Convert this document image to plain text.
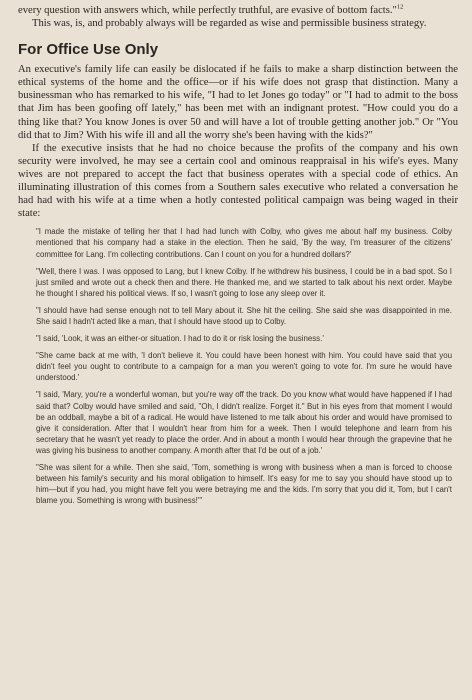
every question with answers which, while perfectly truthful, are evasive of bottom facts."$^{12}$

This was, is, and probably always will be regarded as wise and permissible business strategy.

For Office Use Only

An executive's family life can easily be dislocated if he fails to make a sharp distinction between the ethical systems of the home and the office—or if his wife does not grasp that distinction. Many a businessman who has remarked to his wife, "I had to let Jones go today" or "I had to admit to the boss that Jim has been goofing off lately," has been met with an indignant protest. "How could you do a thing like that? You know Jones is over 50 and will have a lot of trouble getting another job." Or "You did that to Jim? With his wife ill and all the worry she's been having with the kids?"

If the executive insists that he had no choice because the profits of the company and his own security were involved, he may see a certain cool and ominous reappraisal in his wife's eyes. Many wives are not prepared to accept the fact that business operates with a special code of ethics. An illuminating illustration of this comes from a Southern sales executive who related a conversation he had had with his wife at a time when a hotly contested political campaign was being waged in their state:

"I made the mistake of telling her that I had had lunch with Colby, who gives me about half my business. Colby mentioned that his company had a stake in the election. Then he said, 'By the way, I'm treasurer of the citizens' committee for Lang. I'm collecting contributions. Can I count on you for a hundred dollars?'

"Well, there I was. I was opposed to Lang, but I knew Colby. If he withdrew his business, I could be in a bad spot. So I just smiled and wrote out a check then and there. He thanked me, and we started to talk about his next order. Maybe he thought I shared his political views. If so, I wasn't going to lose any sleep over it.

"I should have had sense enough not to tell Mary about it. She hit the ceiling. She said she was disappointed in me. She said I hadn't acted like a man, that I should have stood up to Colby.

"I said, 'Look, it was an either-or situation. I had to do it or risk losing the business.'

"She came back at me with, 'I don't believe it. You could have been honest with him. You could have said that you didn't feel you ought to contribute to a campaign for a man you weren't going to vote for. I'm sure he would have understood.'

"I said, 'Mary, you're a wonderful woman, but you're way off the track. Do you know what would have happened if I had said that? Colby would have smiled and said, "Oh, I didn't realize. Forget it." But in his eyes from that moment I would be an oddball, maybe a bit of a radical. He would have listened to me talk about his order and would have promised to give it consideration. After that I wouldn't hear from him for a week. Then I would telephone and learn from his secretary that he wasn't yet ready to place the order. And in about a month I would hear through the grapevine that he was giving his business to another company. A month after that I'd be out of a job.'

"She was silent for a while. Then she said, 'Tom, something is wrong with business when a man is forced to choose between his family's security and his moral obligation to himself. It's easy for me to say you should have stood up to him—but if you had, you might have felt you were betraying me and the kids. I'm sorry that you did it, Tom, but I can't blame you. Something is wrong with business!'"
